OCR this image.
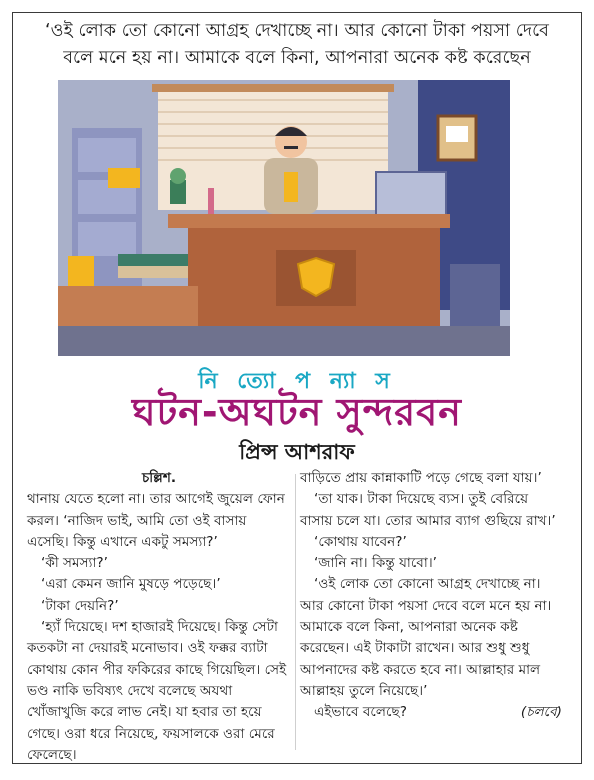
‘ওই লোক তো কোনো আগ্রহ দেখাচ্ছে না। আর কোনো টাকা পয়সা দেবে
বলে মনে হয় না। আমাকে বলে কিনা, আপনারা অনেক কষ্ট করেছেন
নি ত্যো প ন্যা স
ঘটন-অঘটন সুন্দরবন
প্রিন্স আশরাফ

চল্লিশ.

থানায় যেতে হলো না। তার আগেই জুয়েল ফোন করল। ‘নাজিদ ভাই, আমি তো ওই বাসায় এসেছি। কিন্তু এখানে একটু সমস্যা?’

‘কী সমস্যা?’

‘এরা কেমন জানি মুষড়ে পড়েছে।’

‘টাকা দেয়নি?’

‘হ্যাঁ দিয়েছে। দশ হাজারই দিয়েছে। কিন্তু সেটা কতকটা না দেয়ারই মনোভাব। ওই ফক্কর ব্যাটা কোথায় কোন পীর ফকিরের কাছে গিয়েছিল। সেই ভণ্ড নাকি ভবিষ্যৎ দেখে বলেছে অযথা খোঁজাখুজি করে লাভ নেই। যা হবার তা হয়ে গেছে। ওরা ধরে নিয়েছে, ফয়সালকে ওরা মেরে ফেলেছে।

বাড়িতে প্রায় কান্নাকাটি পড়ে গেছে বলা যায়।’

‘তা যাক। টাকা দিয়েছে ব্যস। তুই বেরিয়ে বাসায় চলে যা। তোর আমার ব্যাগ গুছিয়ে রাখ।’

‘কোথায় যাবেন?’

‘জানি না। কিন্তু যাবো।’

‘ওই লোক তো কোনো আগ্রহ দেখাচ্ছে না। আর কোনো টাকা পয়সা দেবে বলে মনে হয় না। আমাকে বলে কিনা, আপনারা অনেক কষ্ট করেছেন। এই টাকাটা রাখেন। আর শুধু শুধু আপনাদের কষ্ট করতে হবে না। আল্লাহার মাল আল্লাহয় তুলে নিয়েছে।’

এইভাবে বলেছে?	(চলবে)
